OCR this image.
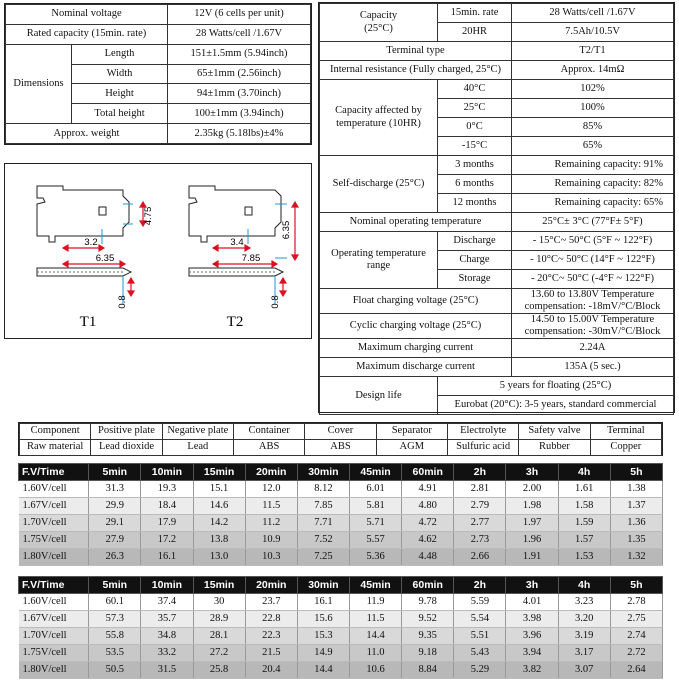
Nominal voltage		12V (6 cells per unit)
Rated capacity (15min. rate)		28 Watts/cell /1.67V
Dimensions	Length	151±1.5mm (5.94inch)
	Width	65±1mm (2.56inch)
	Height	94±1mm (3.70inch)
	Total height	100±1mm (3.94inch)
Approx. weight		2.35kg (5.18lbs)±4%
4.75
3.2
6.35
0.8
T1
6.35
3.4
7.85
0.8
T2
Capacity
(25°C)	15min. rate	28 Watts/cell /1.67V
	20HR	7.5Ah/10.5V
Terminal type		T2/T1
Internal resistance (Fully charged, 25°C)		Approx. 14mΩ
Capacity affected by temperature (10HR)	40°C	102%
	25°C	100%
	0°C	85%
	-15°C	65%
Self-discharge (25°C)	3 months	Remaining capacity: 91%
	6 months	Remaining capacity: 82%
	12 months	Remaining capacity: 65%
Nominal operating temperature		25°C± 3°C (77°F± 5°F)
Operating temperature range	Discharge	- 15°C~ 50°C (5°F ~ 122°F)
	Charge	- 10°C~ 50°C (14°F ~ 122°F)
	Storage	- 20°C~ 50°C (-4°F ~ 122°F)
Float charging voltage (25°C)		13.60 to 13.80V Temperature compensation: -18mV/°C/Block
Cyclic charging voltage (25°C)		14.50 to 15.00V Temperature compensation: -30mV/°C/Block
Maximum charging current		2.24A
Maximum discharge current		135A (5 sec.)
Design life	5 years for floating (25°C)	
	Eurobat (20°C): 3-5 years, standard commercial	
Component	Positive plate	Negative plate	Container	Cover	Separator	Electrolyte	Safety valve	Terminal
Raw material	Lead dioxide	Lead	ABS	ABS	AGM	Sulfuric acid	Rubber	Copper
F.V/Time	5min	10min	15min	20min	30min	45min	60min	2h	3h	4h	5h
1.60V/cell	31.3	19.3	15.1	12.0	8.12	6.01	4.91	2.81	2.00	1.61	1.38
1.67V/cell	29.9	18.4	14.6	11.5	7.85	5.81	4.80	2.79	1.98	1.58	1.37
1.70V/cell	29.1	17.9	14.2	11.2	7.71	5.71	4.72	2.77	1.97	1.59	1.36
1.75V/cell	27.9	17.2	13.8	10.9	7.52	5.57	4.62	2.73	1.96	1.57	1.35
1.80V/cell	26.3	16.1	13.0	10.3	7.25	5.36	4.48	2.66	1.91	1.53	1.32
F.V/Time	5min	10min	15min	20min	30min	45min	60min	2h	3h	4h	5h
1.60V/cell	60.1	37.4	30	23.7	16.1	11.9	9.78	5.59	4.01	3.23	2.78
1.67V/cell	57.3	35.7	28.9	22.8	15.6	11.5	9.52	5.54	3.98	3.20	2.75
1.70V/cell	55.8	34.8	28.1	22.3	15.3	14.4	9.35	5.51	3.96	3.19	2.74
1.75V/cell	53.5	33.2	27.2	21.5	14.9	11.0	9.18	5.43	3.94	3.17	2.72
1.80V/cell	50.5	31.5	25.8	20.4	14.4	10.6	8.84	5.29	3.82	3.07	2.64
